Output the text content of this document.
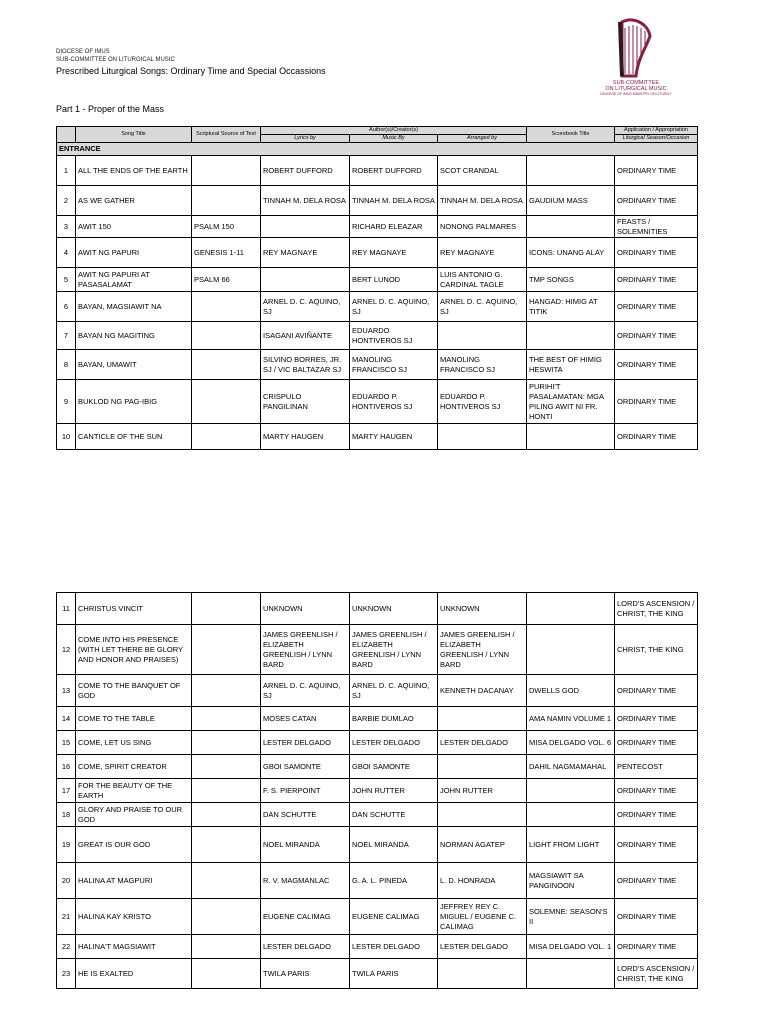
DIOCESE OF IMUS
SUB-COMMITTEE ON LITURGICAL MUSIC
Prescribed Liturgical Songs: Ordinary Time and Special Occassions
Part 1 - Proper of the Mass
SUB-COMMITTEE
ON LITURGICAL MUSIC
DIOCESE OF IMUS MINISTRY ON LITURGY
	Song Title	Scriptural Source of Text	Author(s)/Creator(s)			Scorebook Title	Application / Appropriation
			Lyrics by	Music By	Arranged by		Liturgical Season/Occasion
ENTRANCE							
1	ALL THE ENDS OF THE EARTH		ROBERT DUFFORD	ROBERT DUFFORD	SCOT CRANDAL		ORDINARY TIME
2	AS WE GATHER		TINNAH M. DELA ROSA	TINNAH M. DELA ROSA	TINNAH M. DELA ROSA	GAUDIUM MASS	ORDINARY TIME
3	AWIT 150	PSALM 150		RICHARD ELEAZAR	NONONG PALMARES		FEASTS / SOLEMNITIES
4	AWIT NG PAPURI	GENESIS 1-11	REY MAGNAYE	REY MAGNAYE	REY MAGNAYE	ICONS: UNANG ALAY	ORDINARY TIME
5	AWIT NG PAPURI AT PASASALAMAT	PSALM 66		BERT LUNOD	LUIS ANTONIO G. CARDINAL TAGLE	TMP SONGS	ORDINARY TIME
6	BAYAN, MAGSIAWIT NA		ARNEL D. C. AQUINO, SJ	ARNEL D. C. AQUINO, SJ	ARNEL D. C. AQUINO, SJ	HANGAD: HIMIG AT TITIK	ORDINARY TIME
7	BAYAN NG MAGITING		ISAGANI AVIÑANTE	EDUARDO HONTIVEROS SJ			ORDINARY TIME
8	BAYAN, UMAWIT		SILVINO BORRES, JR. SJ / VIC BALTAZAR SJ	MANOLING FRANCISCO SJ	MANOLING FRANCISCO SJ	THE BEST OF HIMIG HESWITA	ORDINARY TIME
9	BUKLOD NG PAG-IBIG		CRISPULO PANGILINAN	EDUARDO P. HONTIVEROS SJ	EDUARDO P. HONTIVEROS SJ	PURIHI'T PASALAMATAN: MGA PILING AWIT NI FR. HONTI	ORDINARY TIME
10	CANTICLE OF THE SUN		MARTY HAUGEN	MARTY HAUGEN			ORDINARY TIME
11	CHRISTUS VINCIT		UNKNOWN	UNKNOWN	UNKNOWN		LORD'S ASCENSION / CHRIST, THE KING
12	COME INTO HIS PRESENCE (WITH LET THERE BE GLORY AND HONOR AND PRAISES)		JAMES GREENLISH / ELIZABETH GREENLISH / LYNN BARD	JAMES GREENLISH / ELIZABETH GREENLISH / LYNN BARD	JAMES GREENLISH / ELIZABETH GREENLISH / LYNN BARD		CHRIST, THE KING
13	COME TO THE BANQUET OF GOD		ARNEL D. C. AQUINO, SJ	ARNEL D. C. AQUINO, SJ	KENNETH DACANAY	DWELLS GOD	ORDINARY TIME
14	COME TO THE TABLE		MOSES CATAN	BARBIE DUMLAO		AMA NAMIN VOLUME 1	ORDINARY TIME
15	COME, LET US SING		LESTER DELGADO	LESTER DELGADO	LESTER DELGADO	MISA DELGADO VOL. 6	ORDINARY TIME
16	COME, SPIRIT CREATOR		GBOI SAMONTE	GBOI SAMONTE		DAHIL NAGMAMAHAL	PENTECOST
17	FOR THE BEAUTY OF THE EARTH		F. S. PIERPOINT	JOHN RUTTER	JOHN RUTTER		ORDINARY TIME
18	GLORY AND PRAISE TO OUR GOD		DAN SCHUTTE	DAN SCHUTTE			ORDINARY TIME
19	GREAT IS OUR GOD		NOEL MIRANDA	NOEL MIRANDA	NORMAN AGATEP	LIGHT FROM LIGHT	ORDINARY TIME
20	HALINA AT MAGPURI		R. V. MAGMANLAC	G. A. L. PINEDA	L. D. HONRADA	MAGSIAWIT SA PANGINOON	ORDINARY TIME
21	HALINA KAY KRISTO		EUGENE CALIMAG	EUGENE CALIMAG	JEFFREY REY C. MIGUEL / EUGENE C. CALIMAG	SOLEMNE: SEASON'S II	ORDINARY TIME
22	HALINA'T MAGSIAWIT		LESTER DELGADO	LESTER DELGADO	LESTER DELGADO	MISA DELGADO VOL. 1	ORDINARY TIME
23	HE IS EXALTED		TWILA PARIS	TWILA PARIS			LORD'S ASCENSION / CHRIST, THE KING
